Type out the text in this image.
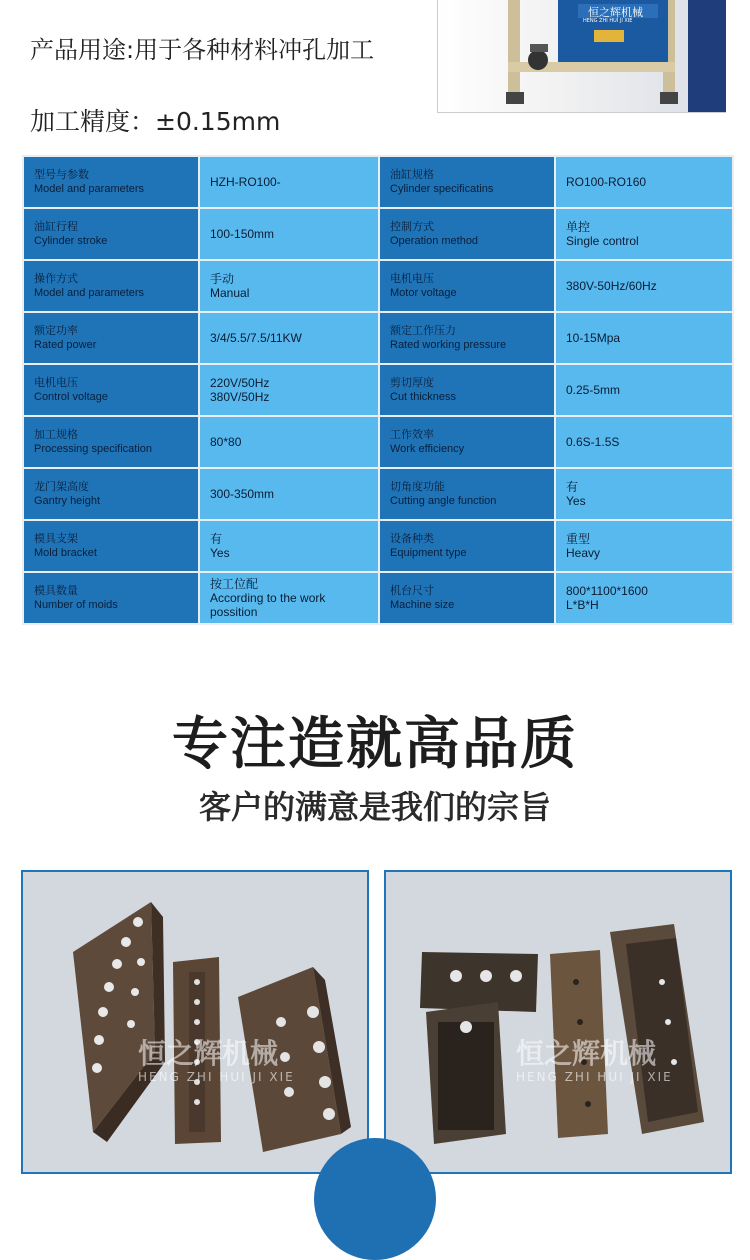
产品用途:用于各种材料冲孔加工
加工精度：±0.15mm
恒之辉机械
HENG ZHI HUI JI XIE
型号与参数
Model and parameters	HZH-RO100-	油缸规格
Cylinder specificatins	RO100-RO160

油缸行程
Cylinder stroke	100-150mm	控制方式
Operation method	单控
Single control

操作方式
Model and parameters	手动
Manual	电机电压
Motor voltage	380V-50Hz/60Hz

额定功率
Rated power	3/4/5.5/7.5/11KW	额定工作压力
Rated working pressure	10-15Mpa

电机电压
Control voltage	220V/50Hz
380V/50Hz	剪切厚度
Cut thickness	0.25-5mm

加工规格
Processing specification	80*80	工作效率
Work efficiency	0.6S-1.5S

龙门架高度
Gantry height	300-350mm	切角度功能
Cutting angle function	有
Yes

模具支架
Mold bracket	有
Yes	设备种类
Equipment type	重型
Heavy

模具数量
Number of moids	按工位配
According to the work possition	机台尺寸
Machine size	800*1100*1600
L*B*H
专注造就高品质
客户的满意是我们的宗旨
恒之辉机械
HENG ZHI HUI JI XIE
恒之辉机械
HENG ZHI HUI JI XIE
